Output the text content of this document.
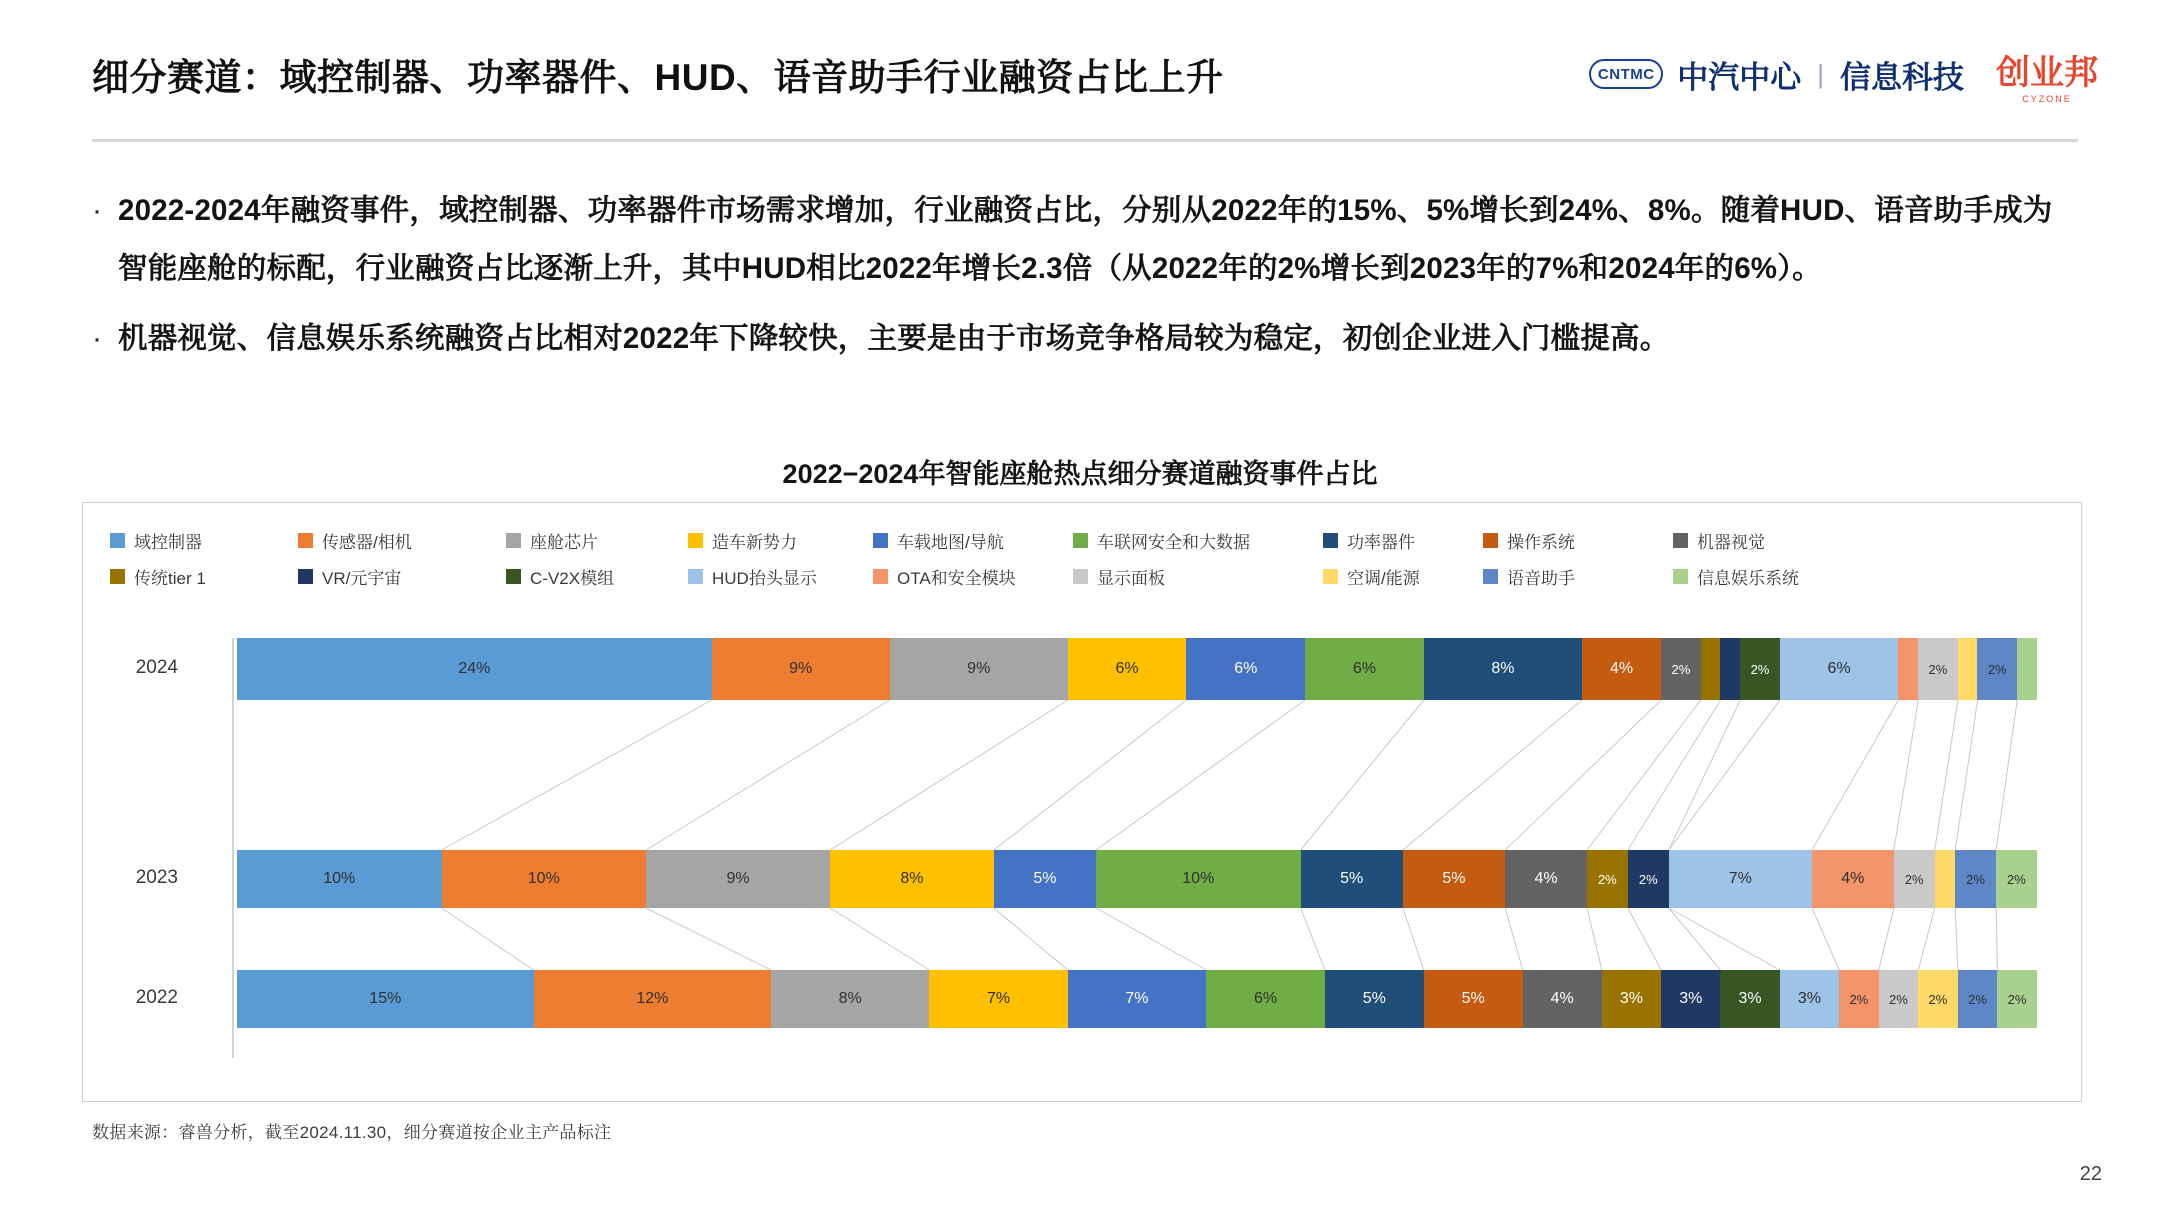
细分赛道：域控制器、功率器件、HUD、语音助手行业融资占比上升	CNTMC 中汽中心 | 信息科技 创业邦
CYZONE
· 2022-2024年融资事件，域控制器、功率器件市场需求增加，行业融资占比，分别从2022年的15%、5%增长到24%、8%。随着HUD、语音助手成为智能座舱的标配，行业融资占比逐渐上升，其中HUD相比2022年增长2.3倍（从2022年的2%增长到2023年的7%和2024年的6%）。
· 机器视觉、信息娱乐系统融资占比相对2022年下降较快，主要是由于市场竞争格局较为稳定，初创企业进入门槛提高。
2022−2024年智能座舱热点细分赛道融资事件占比
域控制器	传感器/相机	座舱芯片	造车新势力	车载地图/导航	车联网安全和大数据	功率器件	操作系统	机器视觉
传统tier 1	VR/元宇宙	C-V2X模组	HUD抬头显示	OTA和安全模块	显示面板	空调/能源	语音助手	信息娱乐系统
2024	24%	9%	9%	6%	6%	6%	8%	4%	2%	2%	6%	2%	2%
2023	10%	10%	9%	8%	5%	10%	5%	5%	4%	2%	2%	7%	4%	2%	2%	2%
2022	15%	12%	8%	7%	7%	6%	5%	5%	4%	3%	3%	3%	3%	2%	2%	2%	2%	2%
数据来源：睿兽分析，截至2024.11.30，细分赛道按企业主产品标注
22
